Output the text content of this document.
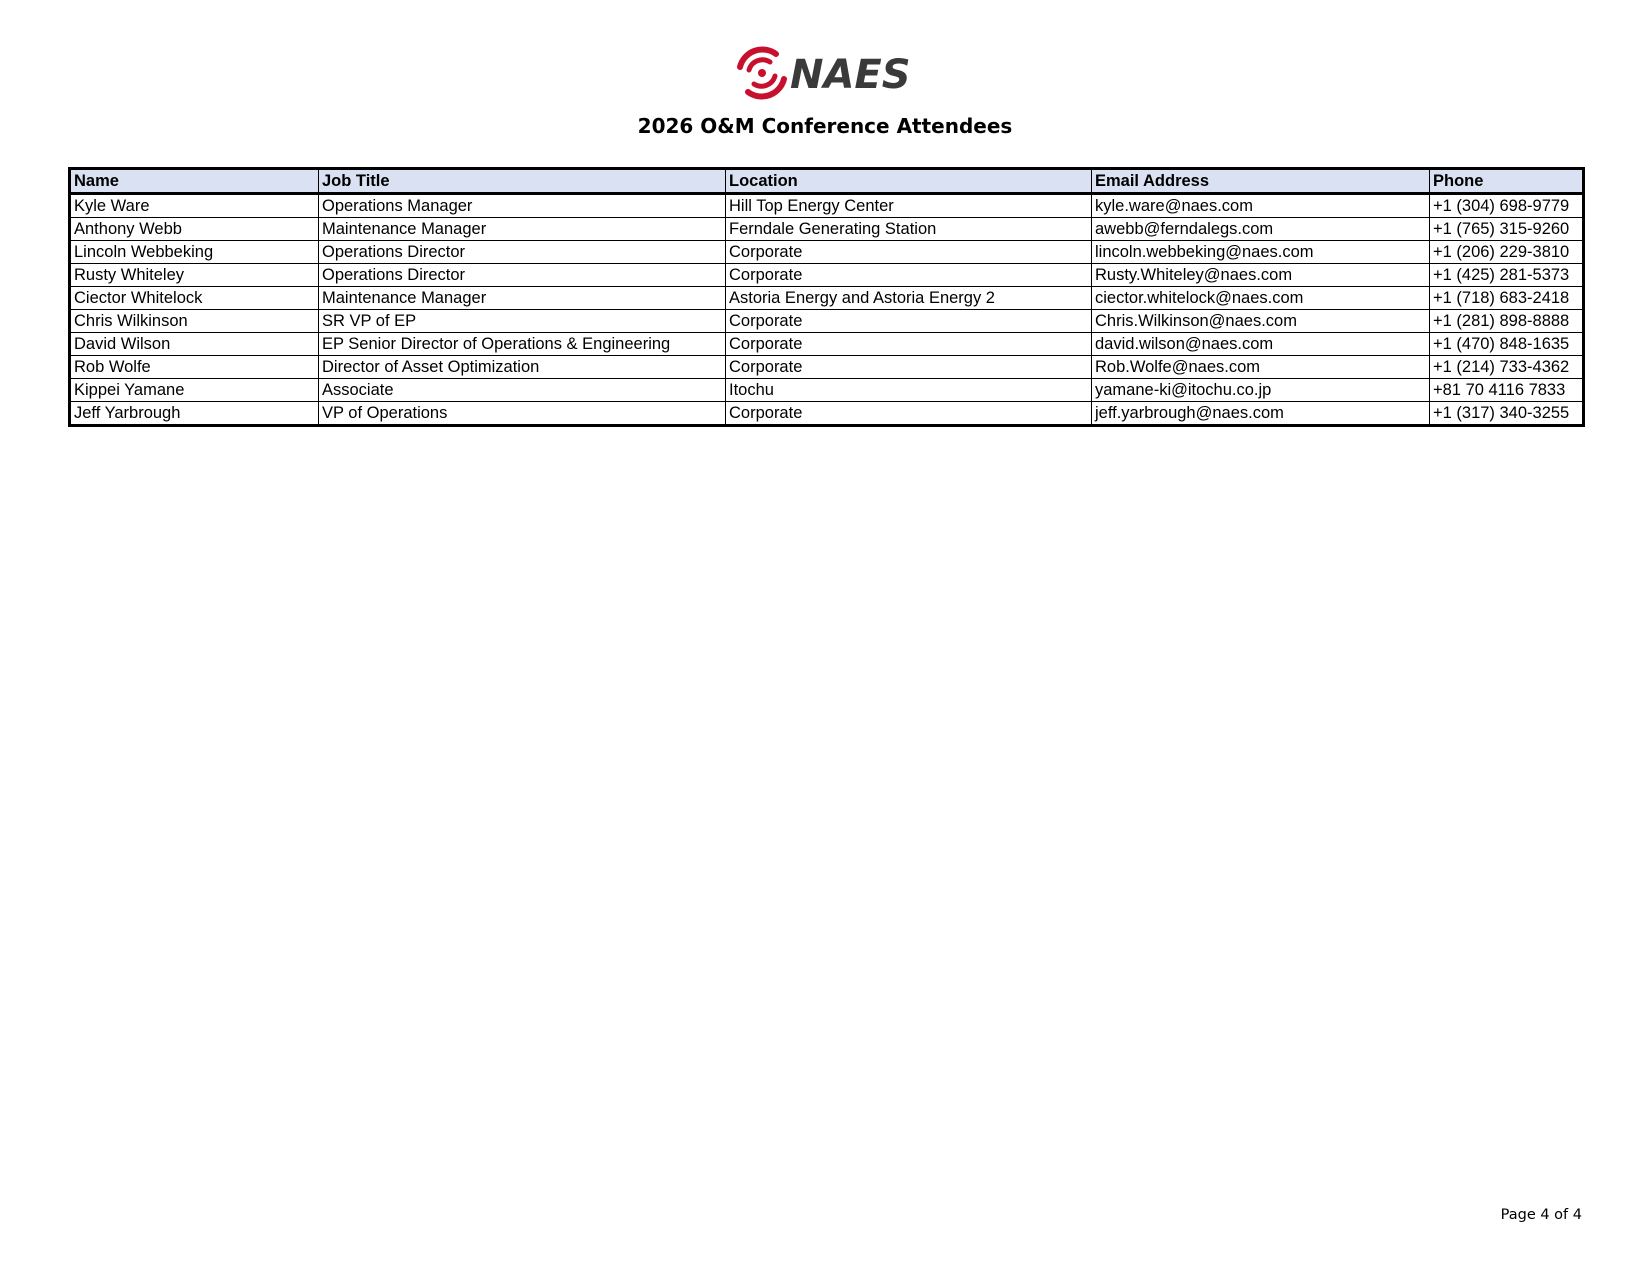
NAES
2026 O&M Conference Attendees
Name	Job Title	Location	Email Address	Phone
Kyle Ware	Operations Manager	Hill Top Energy Center	kyle.ware@naes.com	+1 (304) 698-9779
Anthony Webb	Maintenance Manager	Ferndale Generating Station	awebb@ferndalegs.com	+1 (765) 315-9260
Lincoln Webbeking	Operations Director	Corporate	lincoln.webbeking@naes.com	+1 (206) 229-3810
Rusty Whiteley	Operations Director	Corporate	Rusty.Whiteley@naes.com	+1 (425) 281-5373
Ciector Whitelock	Maintenance Manager	Astoria Energy and Astoria Energy 2	ciector.whitelock@naes.com	+1 (718) 683-2418
Chris Wilkinson	SR VP of EP	Corporate	Chris.Wilkinson@naes.com	+1 (281) 898-8888
David Wilson	EP Senior Director of Operations & Engineering	Corporate	david.wilson@naes.com	+1 (470) 848-1635
Rob Wolfe	Director of Asset Optimization	Corporate	Rob.Wolfe@naes.com	+1 (214) 733-4362
Kippei Yamane	Associate	Itochu	yamane-ki@itochu.co.jp	+81 70 4116 7833
Jeff Yarbrough	VP of Operations	Corporate	jeff.yarbrough@naes.com	+1 (317) 340-3255
Page 4 of 4
